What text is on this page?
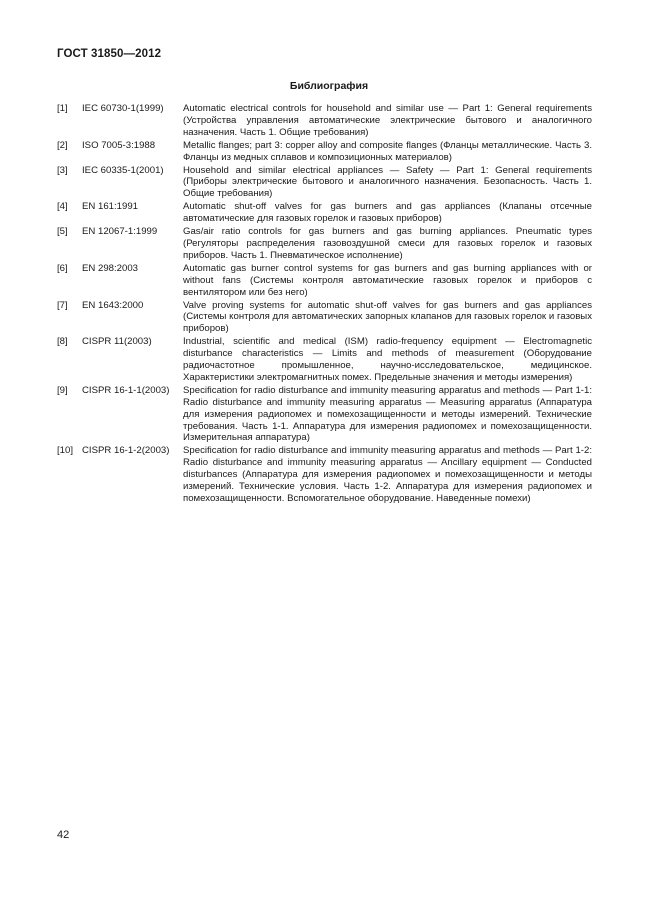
ГОСТ 31850—2012
Библиография
[1]	IEC 60730-1(1999)	Automatic electrical controls for household and similar use — Part 1: General requirements (Устройства управления автоматические электрические бытового и аналогичного назначения. Часть 1. Общие требования)
[2]	ISO 7005-3:1988	Metallic flanges; part 3: copper alloy and composite flanges (Фланцы металлические. Часть 3. Фланцы из медных сплавов и композиционных материалов)
[3]	IEC 60335-1(2001)	Household and similar electrical appliances — Safety — Part 1: General requirements (Приборы электрические бытового и аналогичного назначения. Безопасность. Часть 1. Общие требования)
[4]	EN 161:1991	Automatic shut-off valves for gas burners and gas appliances (Клапаны отсечные автоматические для газовых горелок и газовых приборов)
[5]	EN 12067-1:1999	Gas/air ratio controls for gas burners and gas burning appliances. Pneumatic types (Регуляторы распределения газовоздушной смеси для газовых горелок и газовых приборов. Часть 1. Пневматическое исполнение)
[6]	EN 298:2003	Automatic gas burner control systems for gas burners and gas burning appliances with or without fans (Системы контроля автоматические газовых горелок и приборов с вентилятором или без него)
[7]	EN 1643:2000	Valve proving systems for automatic shut-off valves for gas burners and gas appliances (Системы контроля для автоматических запорных клапанов для газовых горелок и газовых приборов)
[8]	CISPR 11(2003)	Industrial, scientific and medical (ISM) radio-frequency equipment — Electromagnetic disturbance characteristics — Limits and methods of measurement (Оборудование радиочастотное промышленное, научно-исследовательское, медицинское. Характеристики электромагнитных помех. Предельные значения и методы измерения)
[9]	CISPR 16-1-1(2003)	Specification for radio disturbance and immunity measuring apparatus and methods — Part 1-1: Radio disturbance and immunity measuring apparatus — Measuring apparatus (Аппаратура для измерения радиопомех и помехозащищенности и методы измерений. Технические требования. Часть 1-1. Аппаратура для измерения радиопомех и помехозащищенности. Измерительная аппаратура)
[10] CISPR 16-1-2(2003)	Specification for radio disturbance and immunity measuring apparatus and methods — Part 1-2: Radio disturbance and immunity measuring apparatus — Ancillary equipment — Conducted disturbances (Аппаратура для измерения радиопомех и помехозащищенности и методы измерений. Технические условия. Часть 1-2. Аппаратура для измерения радиопомех и помехозащищенности. Вспомогательное оборудование. Наведенные помехи)
42
